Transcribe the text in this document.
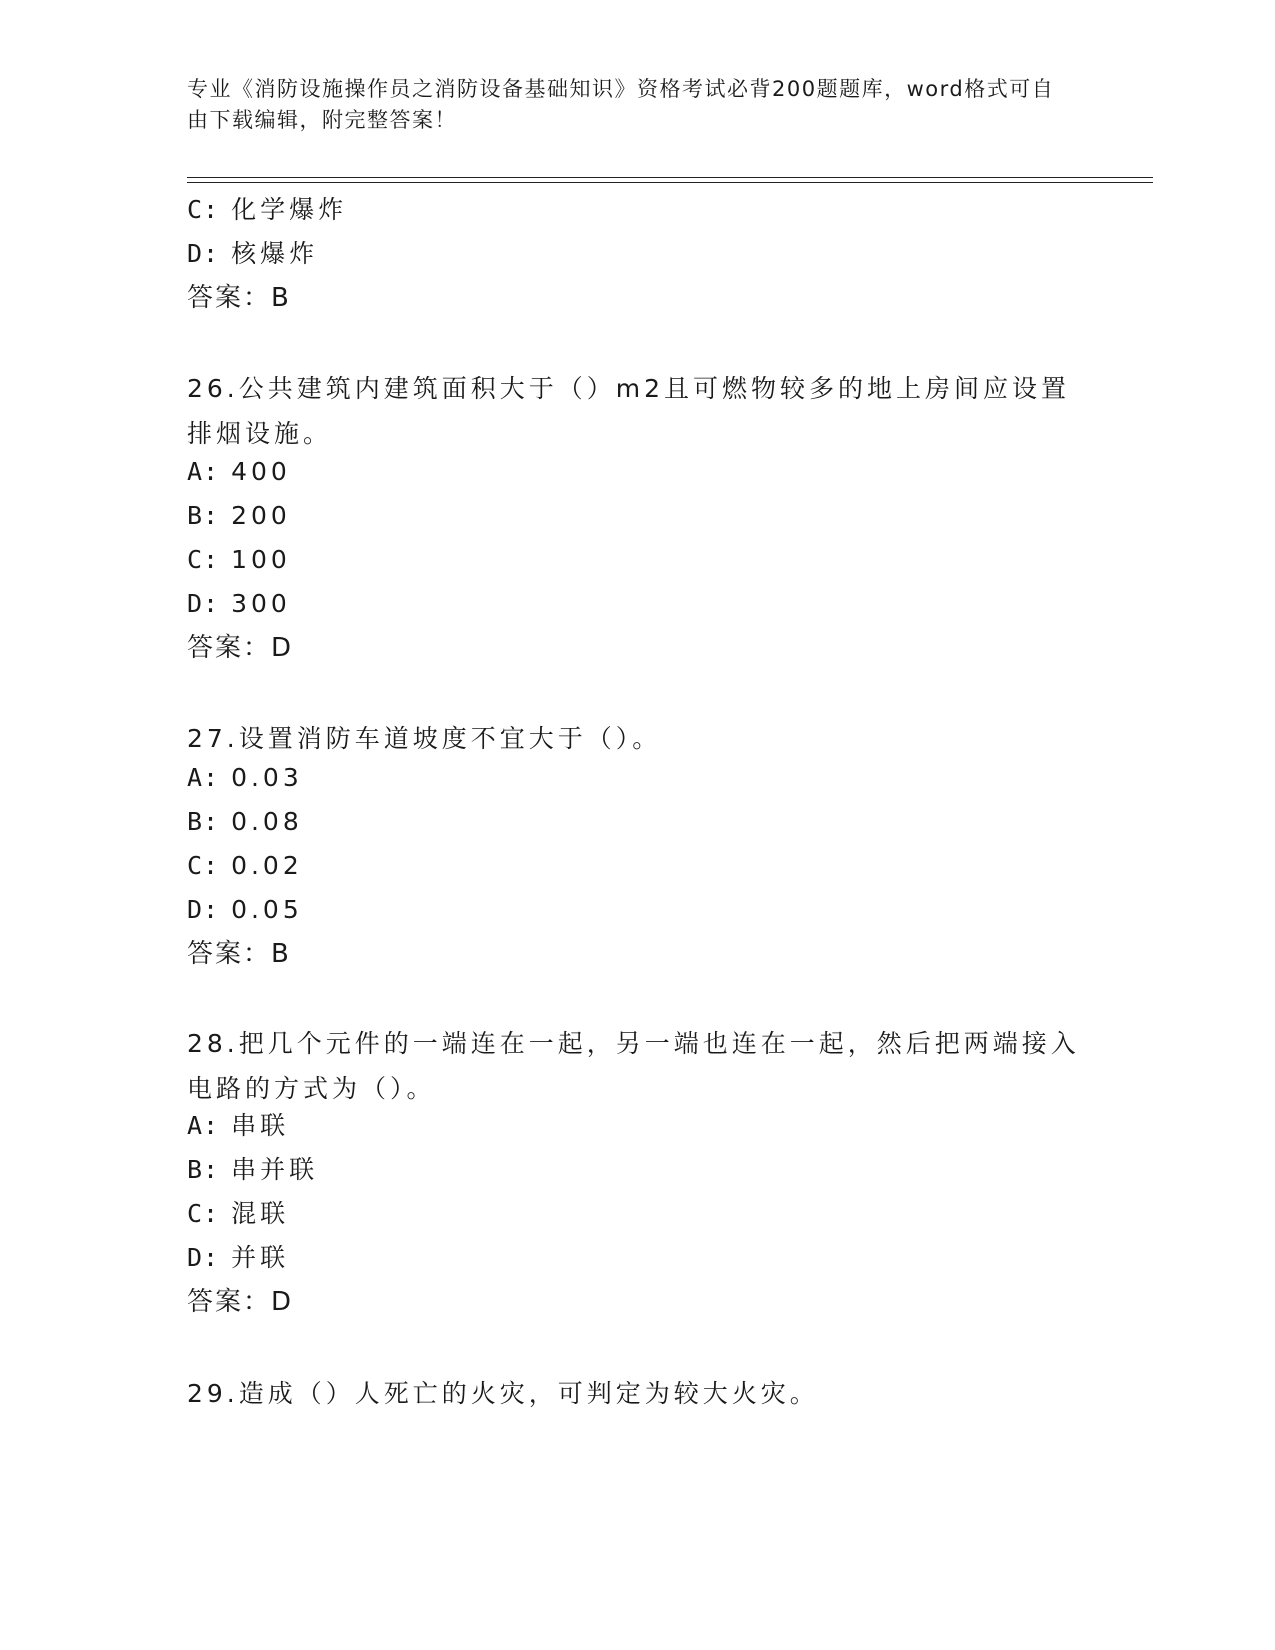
专业《消防设施操作员之消防设备基础知识》资格考试必背200题题库，word格式可自由下载编辑，附完整答案！

C: 化学爆炸
D: 核爆炸
答案：B
26.公共建筑内建筑面积大于（）m2且可燃物较多的地上房间应设置排烟设施。
A: 400
B: 200
C: 100
D: 300
答案：D
27.设置消防车道坡度不宜大于（）。
A: 0.03
B: 0.08
C: 0.02
D: 0.05
答案：B
28.把几个元件的一端连在一起，另一端也连在一起，然后把两端接入电路的方式为（）。
A: 串联
B: 串并联
C: 混联
D: 并联
答案：D
29.造成（）人死亡的火灾，可判定为较大火灾。
